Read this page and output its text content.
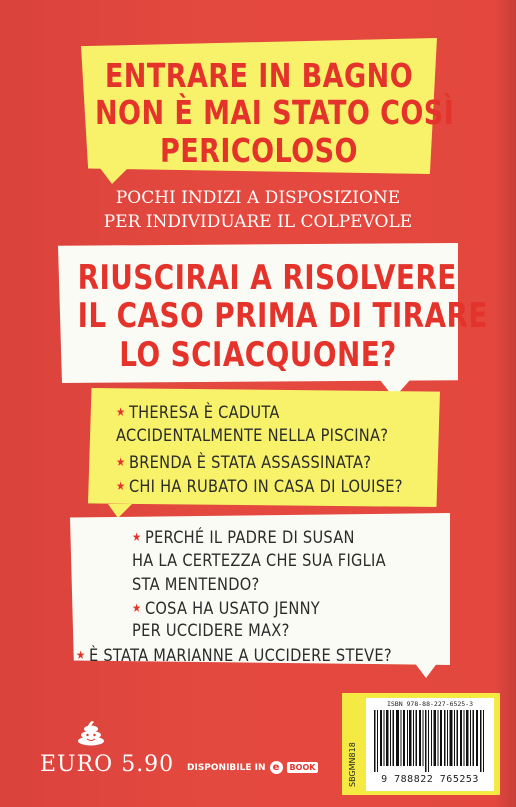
ENTRARE IN BAGNO
NON È MAI STATO COSÌ
PERICOLOSO
POCHI INDIZI A DISPOSIZIONE
PER INDIVIDUARE IL COLPEVOLE
RIUSCIRAI A RISOLVERE
IL CASO PRIMA DI TIRARE
LO SCIACQUONE?
★ THERESA È CADUTA
ACCIDENTALMENTE NELLA PISCINA?
★ BRENDA È STATA ASSASSINATA?
★ CHI HA RUBATO IN CASA DI LOUISE?
★ PERCHÉ IL PADRE DI SUSAN
HA LA CERTEZZA CHE SUA FIGLIA
STA MENTENDO?
★ COSA HA USATO JENNY
PER UCCIDERE MAX?
★ È STATA MARIANNE A UCCIDERE STEVE?
EURO 5.90 DISPONIBILE IN e	BOOK	SBGMN818
ISBN 978-88-227-6525-3
9 788822 765253
